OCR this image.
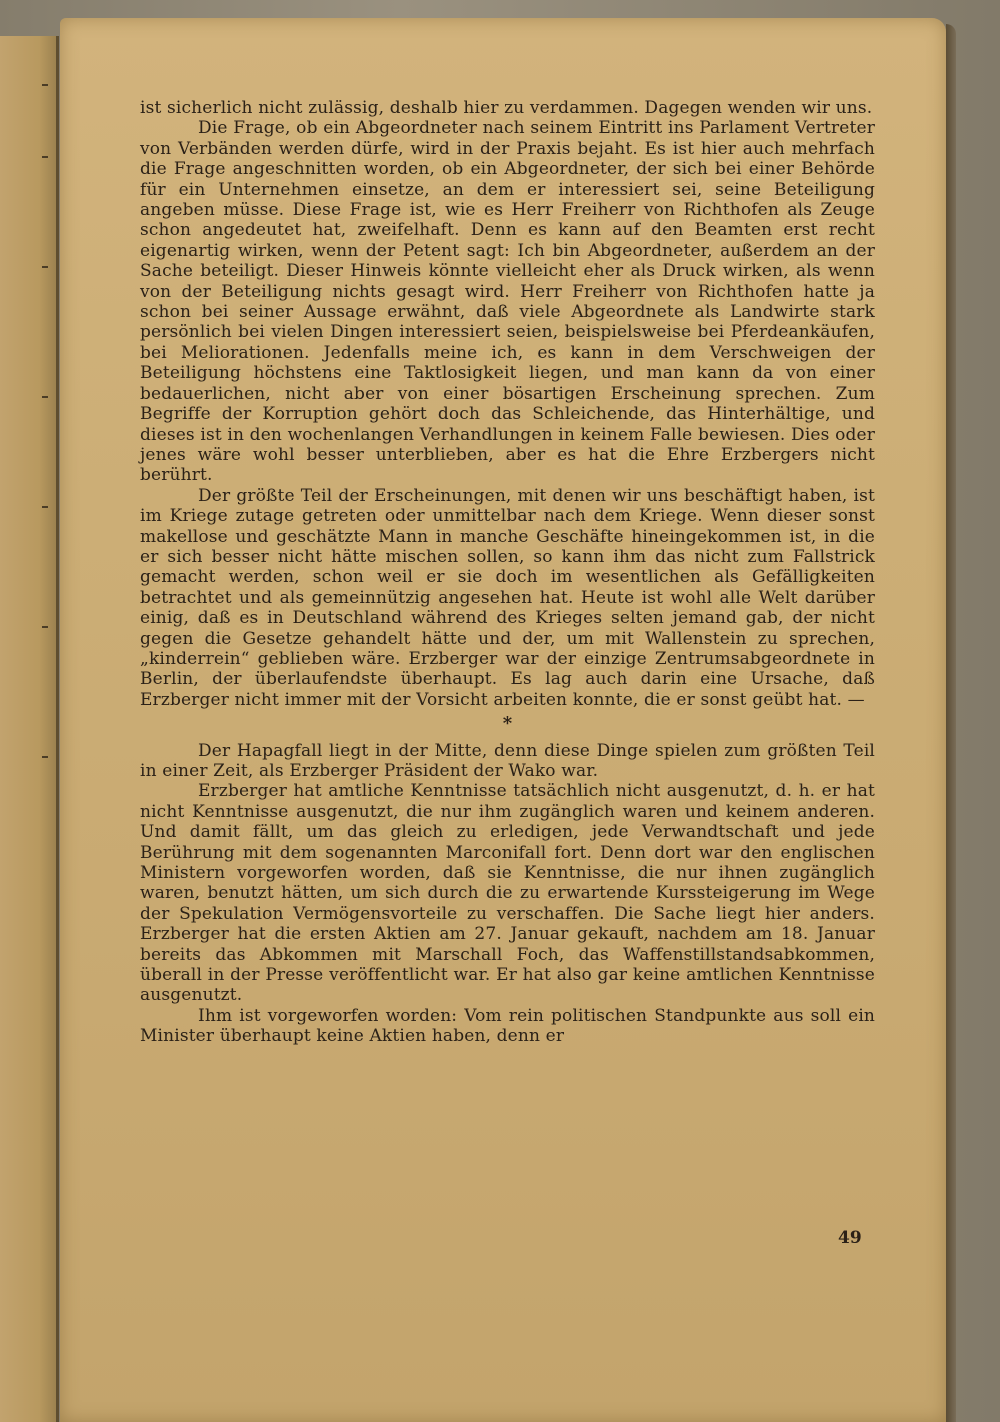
ist sicherlich nicht zulässig, deshalb hier zu verdammen. Dagegen wenden wir uns.

Die Frage, ob ein Abgeordneter nach seinem Eintritt ins Parlament Vertreter von Verbänden werden dürfe, wird in der Praxis bejaht. Es ist hier auch mehrfach die Frage angeschnitten worden, ob ein Abgeordneter, der sich bei einer Behörde für ein Unternehmen einsetze, an dem er interessiert sei, seine Beteiligung angeben müsse. Diese Frage ist, wie es Herr Freiherr von Richthofen als Zeuge schon angedeutet hat, zweifelhaft. Denn es kann auf den Beamten erst recht eigenartig wirken, wenn der Petent sagt: Ich bin Abgeordneter, außerdem an der Sache beteiligt. Dieser Hinweis könnte vielleicht eher als Druck wirken, als wenn von der Beteiligung nichts gesagt wird. Herr Freiherr von Richthofen hatte ja schon bei seiner Aussage erwähnt, daß viele Abgeordnete als Landwirte stark persönlich bei vielen Dingen interessiert seien, beispielsweise bei Pferdeankäufen, bei Meliorationen. Jedenfalls meine ich, es kann in dem Verschweigen der Beteiligung höchstens eine Taktlosigkeit liegen, und man kann da von einer bedauerlichen, nicht aber von einer bösartigen Erscheinung sprechen. Zum Begriffe der Korruption gehört doch das Schleichende, das Hinterhältige, und dieses ist in den wochenlangen Verhandlungen in keinem Falle bewiesen. Dies oder jenes wäre wohl besser unterblieben, aber es hat die Ehre Erzbergers nicht berührt.

Der größte Teil der Erscheinungen, mit denen wir uns beschäftigt haben, ist im Kriege zutage getreten oder unmittelbar nach dem Kriege. Wenn dieser sonst makellose und geschätzte Mann in manche Geschäfte hineingekommen ist, in die er sich besser nicht hätte mischen sollen, so kann ihm das nicht zum Fallstrick gemacht werden, schon weil er sie doch im wesentlichen als Gefälligkeiten betrachtet und als gemeinnützig angesehen hat. Heute ist wohl alle Welt darüber einig, daß es in Deutschland während des Krieges selten jemand gab, der nicht gegen die Gesetze gehandelt hätte und der, um mit Wallenstein zu sprechen, „kinderrein“ geblieben wäre. Erzberger war der einzige Zentrumsabgeordnete in Berlin, der überlaufendste überhaupt. Es lag auch darin eine Ursache, daß Erzberger nicht immer mit der Vorsicht arbeiten konnte, die er sonst geübt hat. —

*

Der Hapagfall liegt in der Mitte, denn diese Dinge spielen zum größten Teil in einer Zeit, als Erzberger Präsident der Wako war.

Erzberger hat amtliche Kenntnisse tatsächlich nicht ausgenutzt, d. h. er hat nicht Kenntnisse ausgenutzt, die nur ihm zugänglich waren und keinem anderen. Und damit fällt, um das gleich zu erledigen, jede Verwandtschaft und jede Berührung mit dem sogenannten Marconifall fort. Denn dort war den englischen Ministern vorgeworfen worden, daß sie Kenntnisse, die nur ihnen zugänglich waren, benutzt hätten, um sich durch die zu erwartende Kurssteigerung im Wege der Spekulation Vermögensvorteile zu verschaffen. Die Sache liegt hier anders. Erzberger hat die ersten Aktien am 27. Januar gekauft, nachdem am 18. Januar bereits das Abkommen mit Marschall Foch, das Waffenstillstandsabkommen, überall in der Presse veröffentlicht war. Er hat also gar keine amtlichen Kenntnisse ausgenutzt.

Ihm ist vorgeworfen worden: Vom rein politischen Standpunkte aus soll ein Minister überhaupt keine Aktien haben, denn er

49
